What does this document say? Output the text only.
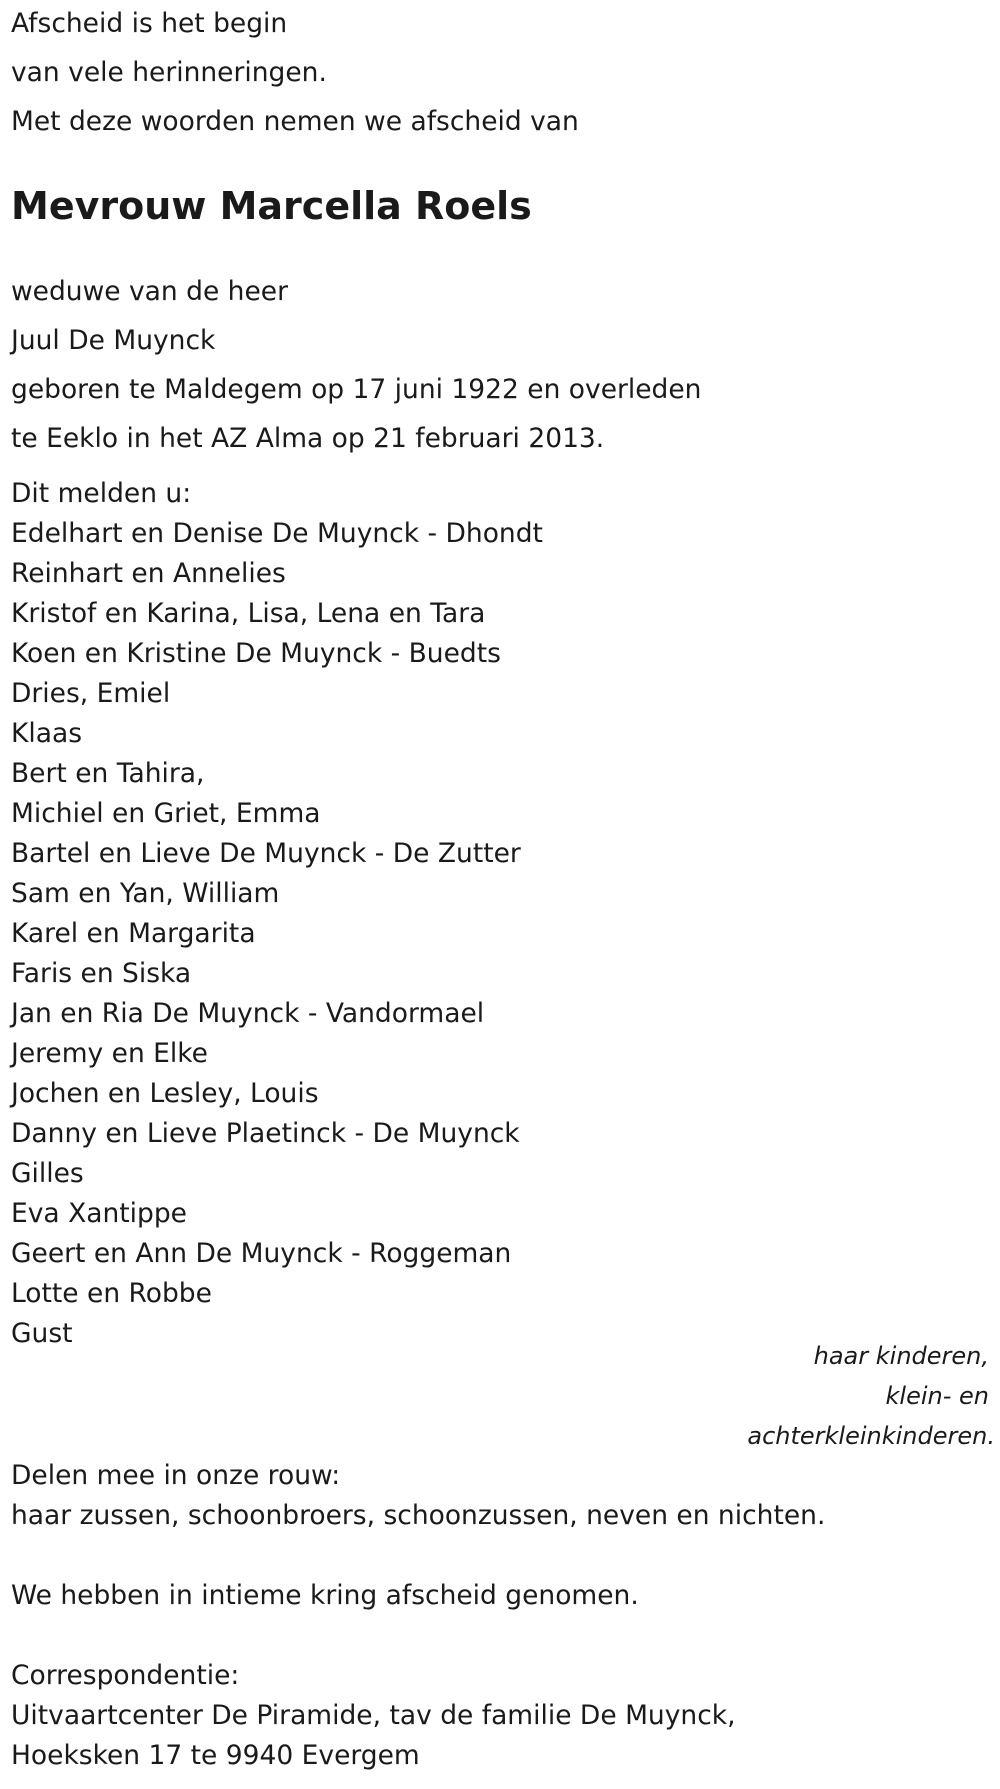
Afscheid is het begin
van vele herinneringen.
Met deze woorden nemen we afscheid van
Mevrouw Marcella Roels
weduwe van de heer
Juul De Muynck
geboren te Maldegem op 17 juni 1922 en overleden
te Eeklo in het AZ Alma op 21 februari 2013.
Dit melden u:
Edelhart en Denise De Muynck - Dhondt
Reinhart en Annelies
Kristof en Karina, Lisa, Lena en Tara
Koen en Kristine De Muynck - Buedts
Dries, Emiel
Klaas
Bert en Tahira,
Michiel en Griet, Emma
Bartel en Lieve De Muynck - De Zutter
Sam en Yan, William
Karel en Margarita
Faris en Siska
Jan en Ria De Muynck - Vandormael
Jeremy en Elke
Jochen en Lesley, Louis
Danny en Lieve Plaetinck - De Muynck
Gilles
Eva Xantippe
Geert en Ann De Muynck - Roggeman
Lotte en Robbe
Gust
haar kinderen,
klein- en
achterkleinkinderen.
Delen mee in onze rouw:
haar zussen, schoonbroers, schoonzussen, neven en nichten.
We hebben in intieme kring afscheid genomen.
Correspondentie:
Uitvaartcenter De Piramide, tav de familie De Muynck,
Hoeksken 17 te 9940 Evergem
